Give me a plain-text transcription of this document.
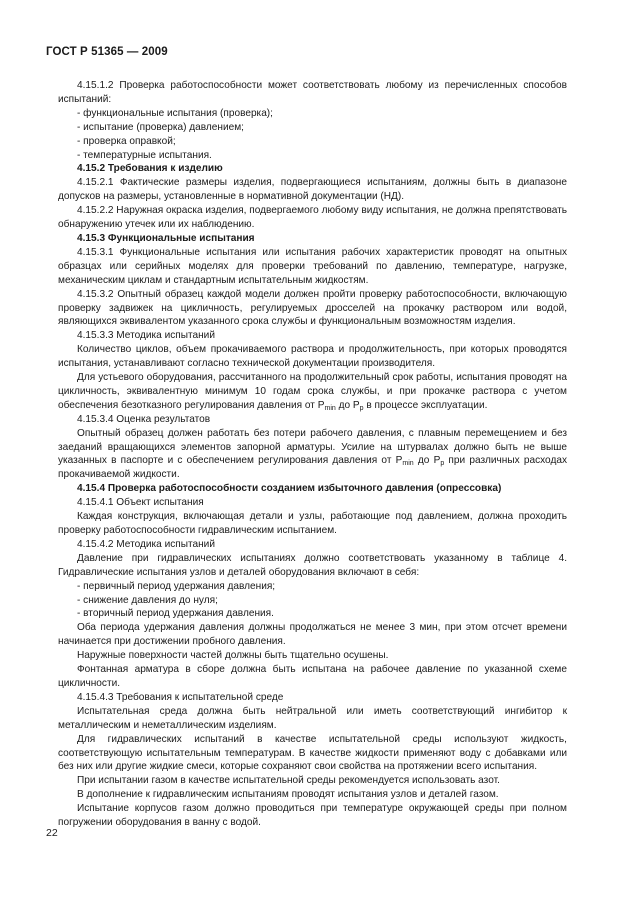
ГОСТ Р 51365 — 2009

4.15.1.2 Проверка работоспособности может соответствовать любому из перечисленных способов испытаний:

- функциональные испытания (проверка);

- испытание (проверка) давлением;

- проверка оправкой;

- температурные испытания.

4.15.2 Требования к изделию

4.15.2.1 Фактические размеры изделия, подвергающиеся испытаниям, должны быть в диапазоне допусков на размеры, установленные в нормативной документации (НД).

4.15.2.2 Наружная окраска изделия, подвергаемого любому виду испытания, не должна препятствовать обнаружению утечек или их наблюдению.

4.15.3 Функциональные испытания

4.15.3.1 Функциональные испытания или испытания рабочих характеристик проводят на опытных образцах или серийных моделях для проверки требований по давлению, температуре, нагрузке, механическим циклам и стандартным испытательным жидкостям.

4.15.3.2 Опытный образец каждой модели должен пройти проверку работоспособности, включающую проверку задвижек на цикличность, регулируемых дросселей на прокачку раствором или водой, являющихся эквивалентом указанного срока службы и функциональным возможностям изделия.

4.15.3.3 Методика испытаний

Количество циклов, объем прокачиваемого раствора и продолжительность, при которых проводятся испытания, устанавливают согласно технической документации производителя.

Для устьевого оборудования, рассчитанного на продолжительный срок работы, испытания проводят на цикличность, эквивалентную минимум 10 годам срока службы, и при прокачке раствора с учетом обеспечения безотказного регулирования давления от $P_{min}$ до $P_p$ в процессе эксплуатации.

4.15.3.4 Оценка результатов

Опытный образец должен работать без потери рабочего давления, с плавным перемещением и без заеданий вращающихся элементов запорной арматуры. Усилие на штурвалах должно быть не выше указанных в паспорте и с обеспечением регулирования давления от $P_{min}$ до $P_p$ при различных расходах прокачиваемой жидкости.

4.15.4 Проверка работоспособности созданием избыточного давления (опрессовка)

4.15.4.1 Объект испытания

Каждая конструкция, включающая детали и узлы, работающие под давлением, должна проходить проверку работоспособности гидравлическим испытанием.

4.15.4.2 Методика испытаний

Давление при гидравлических испытаниях должно соответствовать указанному в таблице 4. Гидравлические испытания узлов и деталей оборудования включают в себя:

- первичный период удержания давления;

- снижение давления до нуля;

- вторичный период удержания давления.

Оба периода удержания давления должны продолжаться не менее 3 мин, при этом отсчет времени начинается при достижении пробного давления.

Наружные поверхности частей должны быть тщательно осушены.

Фонтанная арматура в сборе должна быть испытана на рабочее давление по указанной схеме цикличности.

4.15.4.3 Требования к испытательной среде

Испытательная среда должна быть нейтральной или иметь соответствующий ингибитор к металлическим и неметаллическим изделиям.

Для гидравлических испытаний в качестве испытательной среды используют жидкость, соответствующую испытательным температурам. В качестве жидкости применяют воду с добавками или без них или другие жидкие смеси, которые сохраняют свои свойства на протяжении всего испытания.

При испытании газом в качестве испытательной среды рекомендуется использовать азот.

В дополнение к гидравлическим испытаниям проводят испытания узлов и деталей газом.

Испытание корпусов газом должно проводиться при температуре окружающей среды при полном погружении оборудования в ванну с водой.

22
